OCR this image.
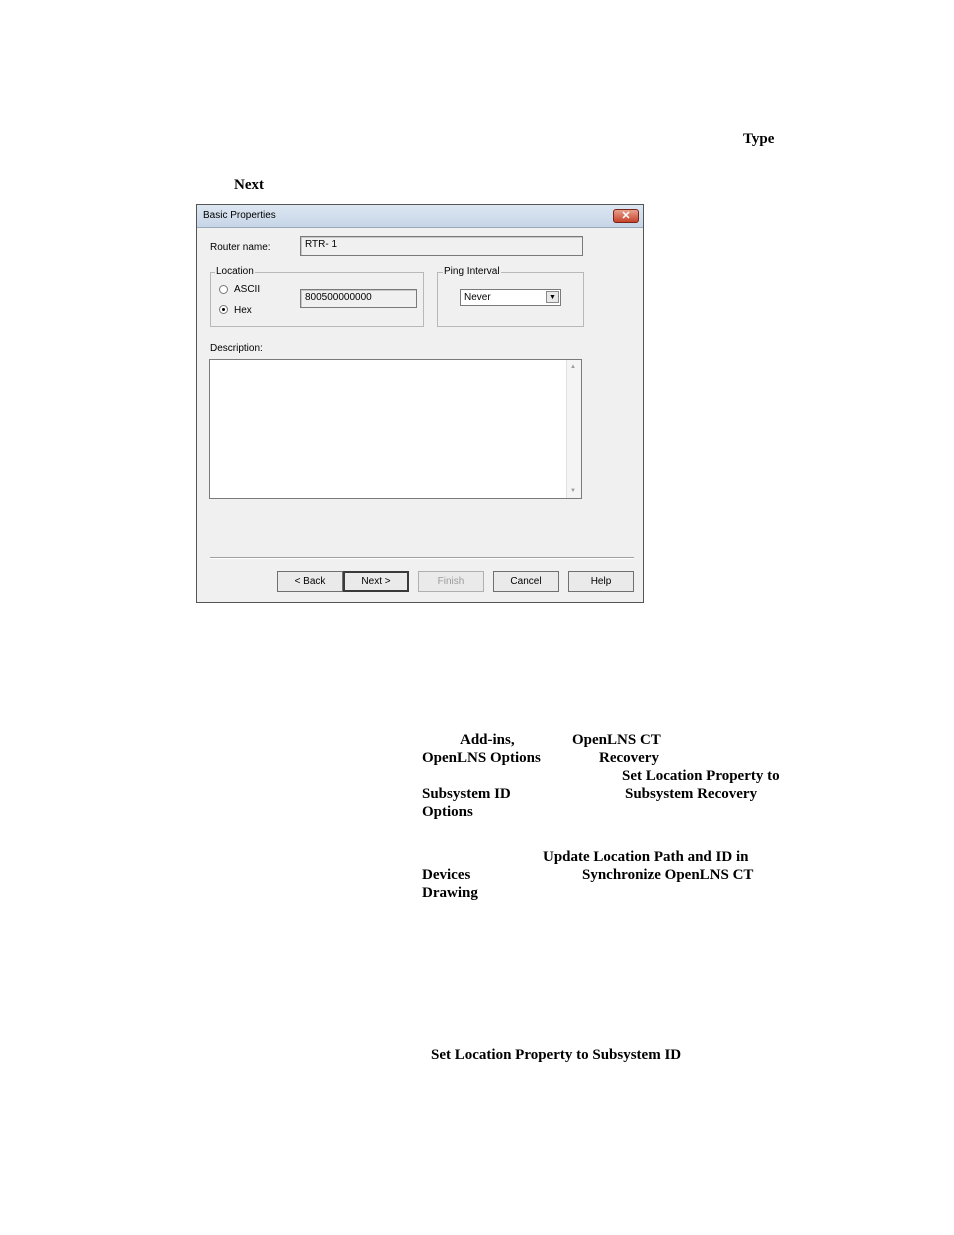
Type
Next
Basic Properties	✕
Router name:	RTR- 1
Location
ASCII
Hex
800500000000
Ping Interval
Never	▼
Description:
▲
▼
< Back	Next >	Finish	Cancel	Help
Add-ins,	OpenLNS CT
OpenLNS Options	Recovery
Set Location Property to
Subsystem ID	Subsystem Recovery
Options
Update Location Path and ID in
Devices	Synchronize OpenLNS CT
Drawing
Set Location Property to Subsystem ID
